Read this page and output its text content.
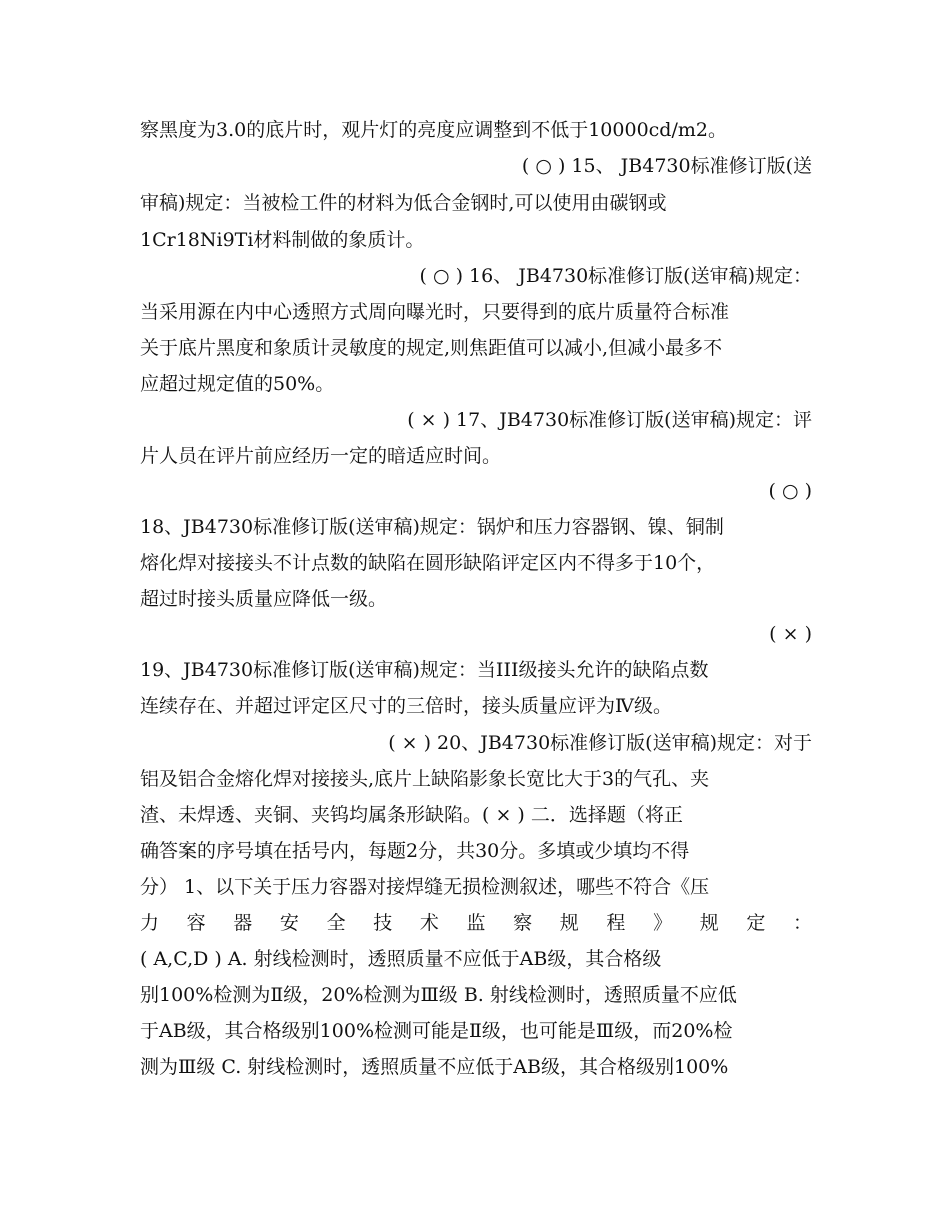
察黑度为3.0的底片时，观片灯的亮度应调整到不低于10000cd/m2。
( ○ ) 15、 JB4730标准修订版(送
审稿)规定：当被检工件的材料为低合金钢时,可以使用由碳钢或
1Cr18Ni9Ti材料制做的象质计。
( ○ ) 16、 JB4730标准修订版(送审稿)规定：
当采用源在内中心透照方式周向曝光时，只要得到的底片质量符合标准
关于底片黑度和象质计灵敏度的规定,则焦距值可以减小,但减小最多不
应超过规定值的50%。
( × ) 17、JB4730标准修订版(送审稿)规定：评
片人员在评片前应经历一定的暗适应时间。
( ○ )
18、JB4730标准修订版(送审稿)规定：锅炉和压力容器钢、镍、铜制
熔化焊对接接头不计点数的缺陷在圆形缺陷评定区内不得多于10个，
超过时接头质量应降低一级。
( × )
19、JB4730标准修订版(送审稿)规定：当III级接头允许的缺陷点数
连续存在、并超过评定区尺寸的三倍时，接头质量应评为Ⅳ级。
( × ) 20、JB4730标准修订版(送审稿)规定：对于
铝及铝合金熔化焊对接接头,底片上缺陷影象长宽比大于3的气孔、夹
渣、未焊透、夹铜、夹钨均属条形缺陷。( × ) 二．选择题（将正
确答案的序号填在括号内，每题2分，共30分。多填或少填均不得
分） 1、以下关于压力容器对接焊缝无损检测叙述，哪些不符合《压
力 容 器 安 全 技 术 监 察 规 程 》 规 定 ：
( A,C,D ) A. 射线检测时，透照质量不应低于AB级，其合格级
别100%检测为Ⅱ级，20%检测为Ⅲ级 B. 射线检测时，透照质量不应低
于AB级，其合格级别100%检测可能是Ⅱ级，也可能是Ⅲ级，而20%检
测为Ⅲ级 C. 射线检测时，透照质量不应低于AB级，其合格级别100%
